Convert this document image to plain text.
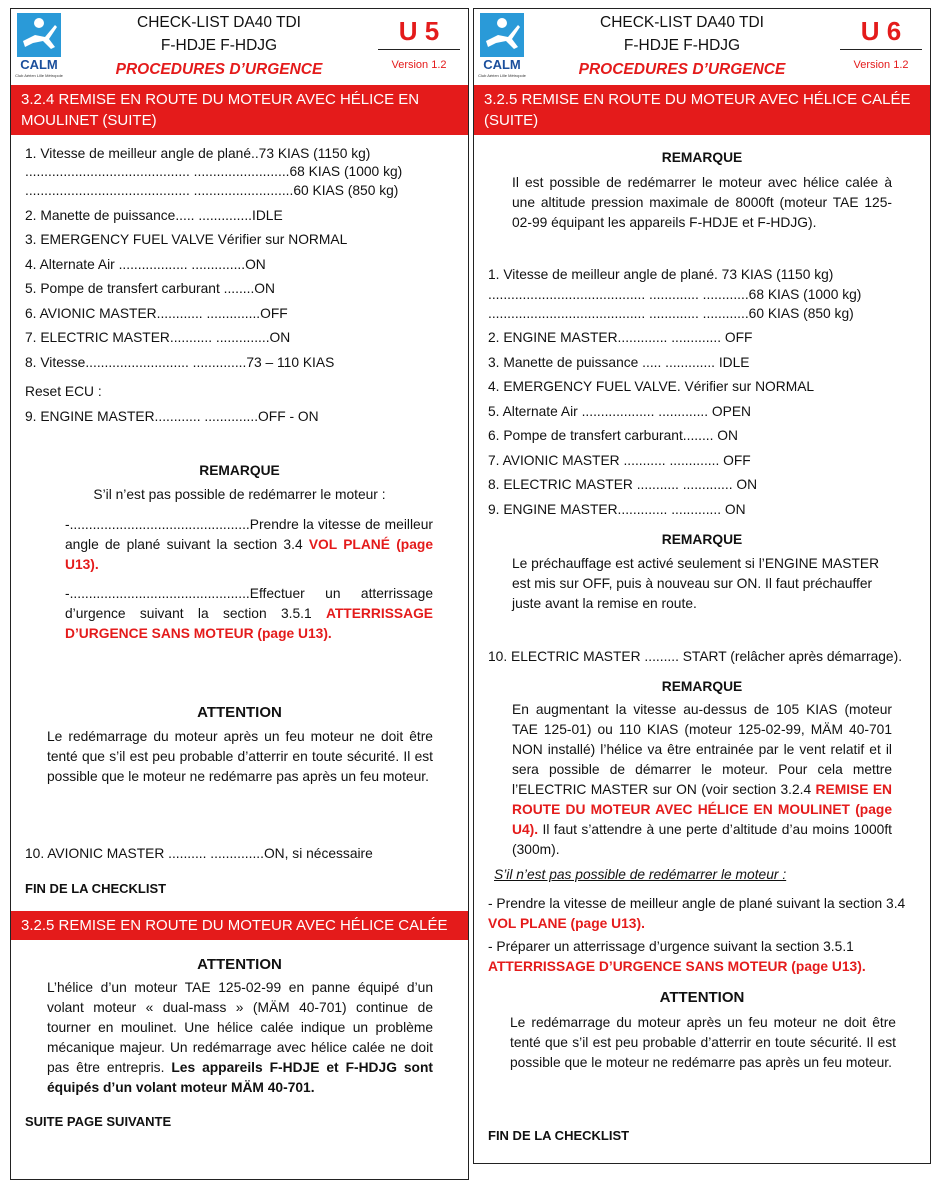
CALM
Club Aérien Lille Métropole
CHECK-LIST DA40 TDI
F-HDJE F-HDJG
PROCEDURES D’URGENCE
U 5
Version 1.2
3.2.4 REMISE EN ROUTE DU MOTEUR AVEC HÉLICE EN MOULINET (SUITE)
1. Vitesse de meilleur angle de plané..73 KIAS (1150 kg)
........................................... .........................68 KIAS (1000 kg)
........................................... ..........................60 KIAS (850 kg)
2. Manette de puissance..... ..............IDLE
3. EMERGENCY FUEL VALVE Vérifier sur NORMAL
4. Alternate Air .................. ..............ON
5. Pompe de transfert carburant ........ON
6. AVIONIC MASTER............ ..............OFF
7. ELECTRIC MASTER........... ..............ON
8. Vitesse........................... ..............73 – 110 KIAS
Reset ECU :
9. ENGINE MASTER............ ..............OFF - ON
REMARQUE
S’il n’est pas possible de redémarrer le moteur :
-...............................................Prendre la vitesse de meilleur angle de plané suivant la section 3.4 VOL PLANÉ (page U13).
-...............................................Effectuer un atterrissage d’urgence suivant la section 3.5.1 ATTERRISSAGE D’URGENCE SANS MOTEUR (page U13).
ATTENTION
Le redémarrage du moteur après un feu moteur ne doit être tenté que s’il est peu probable d’atterrir en toute sécurité. Il est possible que le moteur ne redémarre pas après un feu moteur.
10. AVIONIC MASTER .......... ..............ON, si nécessaire
FIN DE LA CHECKLIST
3.2.5 REMISE EN ROUTE DU MOTEUR AVEC HÉLICE CALÉE
ATTENTION
L’hélice d’un moteur TAE 125-02-99 en panne équipé d’un volant moteur « dual-mass » (MÄM 40-701) continue de tourner en moulinet. Une hélice calée indique un problème mécanique majeur. Un redémarrage avec hélice calée ne doit pas être entrepris. Les appareils F-HDJE et F-HDJG sont équipés d’un volant moteur MÄM 40-701.
SUITE PAGE SUIVANTE
CALM
Club Aérien Lille Métropole
CHECK-LIST DA40 TDI
F-HDJE F-HDJG
PROCEDURES D’URGENCE
U 6
Version 1.2
3.2.5 REMISE EN ROUTE DU MOTEUR AVEC HÉLICE CALÉE (SUITE)
REMARQUE
Il est possible de redémarrer le moteur avec hélice calée à une altitude pression maximale de 8000ft (moteur TAE 125-02-99 équipant les appareils F-HDJE et F-HDJG).
1. Vitesse de meilleur angle de plané. 73 KIAS (1150 kg)
......................................... ............. ............68 KIAS (1000 kg)
......................................... ............. ............60 KIAS (850 kg)
2. ENGINE MASTER............. ............. OFF
3. Manette de puissance ..... ............. IDLE
4. EMERGENCY FUEL VALVE. Vérifier sur NORMAL
5. Alternate Air ................... ............. OPEN
6. Pompe de transfert carburant........ ON
7. AVIONIC MASTER ........... ............. OFF
8. ELECTRIC MASTER ........... ............. ON
9. ENGINE MASTER............. ............. ON
REMARQUE
Le préchauffage est activé seulement si l’ENGINE MASTER est mis sur OFF, puis à nouveau sur ON. Il faut préchauffer juste avant la remise en route.
10. ELECTRIC MASTER ......... START (relâcher après démarrage).
REMARQUE
En augmentant la vitesse au-dessus de 105 KIAS (moteur TAE 125-01) ou 110 KIAS (moteur 125-02-99, MÄM 40-701 NON installé) l’hélice va être entrainée par le vent relatif et il sera possible de démarrer le moteur. Pour cela mettre l’ELECTRIC MASTER sur ON (voir section 3.2.4 REMISE EN ROUTE DU MOTEUR AVEC HÉLICE EN MOULINET (page U4). Il faut s’attendre à une perte d’altitude d’au moins 1000ft (300m).
S’il n’est pas possible de redémarrer le moteur :
- Prendre la vitesse de meilleur angle de plané suivant la section 3.4 VOL PLANE (page U13).
- Préparer un atterrissage d’urgence suivant la section 3.5.1 ATTERRISSAGE D’URGENCE SANS MOTEUR (page U13).
ATTENTION
Le redémarrage du moteur après un feu moteur ne doit être tenté que s’il est peu probable d’atterrir en toute sécurité. Il est possible que le moteur ne redémarre pas après un feu moteur.
FIN DE LA CHECKLIST
